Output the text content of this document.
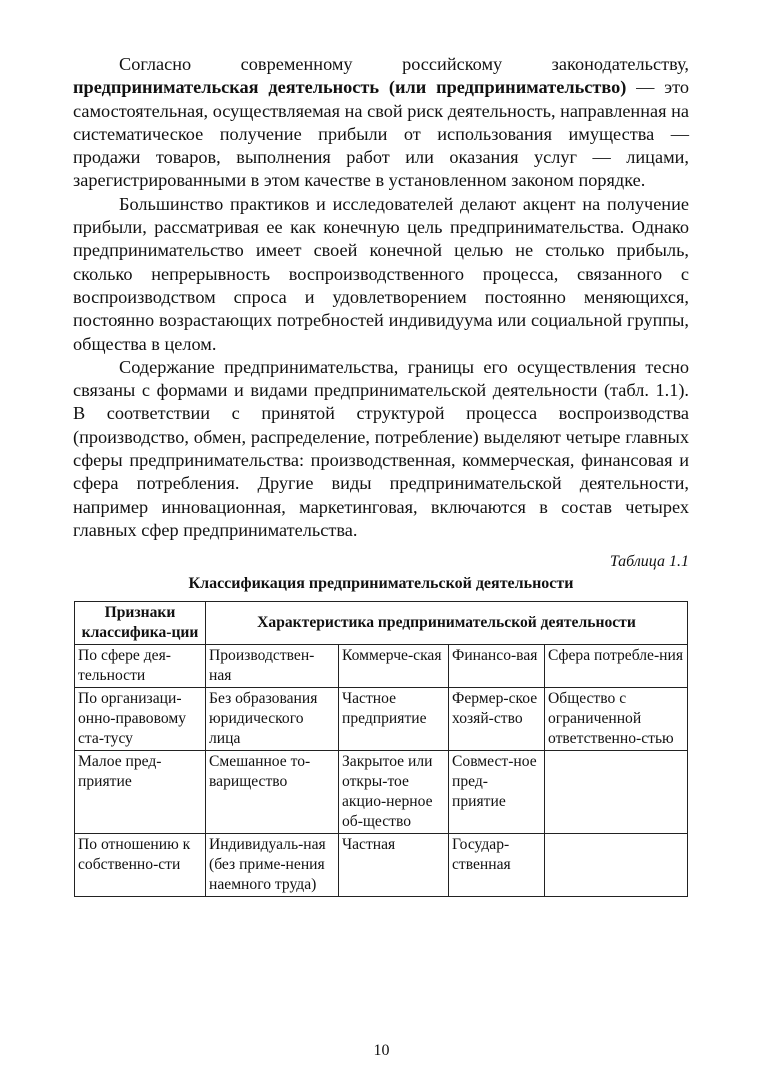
Согласно современному российскому законодательству, предпринимательская деятельность (или предпринимательство) — это самостоятельная, осуществляемая на свой риск деятельность, направленная на систематическое получение прибыли от использования имущества — продажи товаров, выполнения работ или оказания услуг — лицами, зарегистрированными в этом качестве в установленном законом порядке.

Большинство практиков и исследователей делают акцент на получение прибыли, рассматривая ее как конечную цель предпринимательства. Однако предпринимательство имеет своей конечной целью не столько прибыль, сколько непрерывность воспроизводственного процесса, связанного с воспроизводством спроса и удовлетворением постоянно меняющихся, постоянно возрастающих потребностей индивидуума или социальной группы, общества в целом.

Содержание предпринимательства, границы его осуществления тесно связаны с формами и видами предпринимательской деятельности (табл. 1.1). В соответствии с принятой структурой процесса воспроизводства (производство, обмен, распределение, потребление) выделяют четыре главных сферы предпринимательства: производственная, коммерческая, финансовая и сфера потребления. Другие виды предпринимательской деятельности, например инновационная, маркетинговая, включаются в состав четырех главных сфер предпринимательства.

Таблица 1.1
Классификация предпринимательской деятельности
Признаки классифика-ции	Характеристика предпринимательской деятельности			
По сфере дея-тельности	Производствен-ная	Коммерче-ская	Финансо-вая	Сфера потребле-ния
По организаци-онно-правовому ста-тусу	Без образования юридического лица	Частное предприятие	Фермер-ское хозяй-ство	Общество с ограниченной ответственно-стью
Малое пред-приятие	Смешанное то-варищество	Закрытое или откры-тое акцио-нерное об-щество	Совмест-ное пред-приятие	
По отношению к собственно-сти	Индивидуаль-ная (без приме-нения наемного труда)	Частная	Государ-ственная	
10
